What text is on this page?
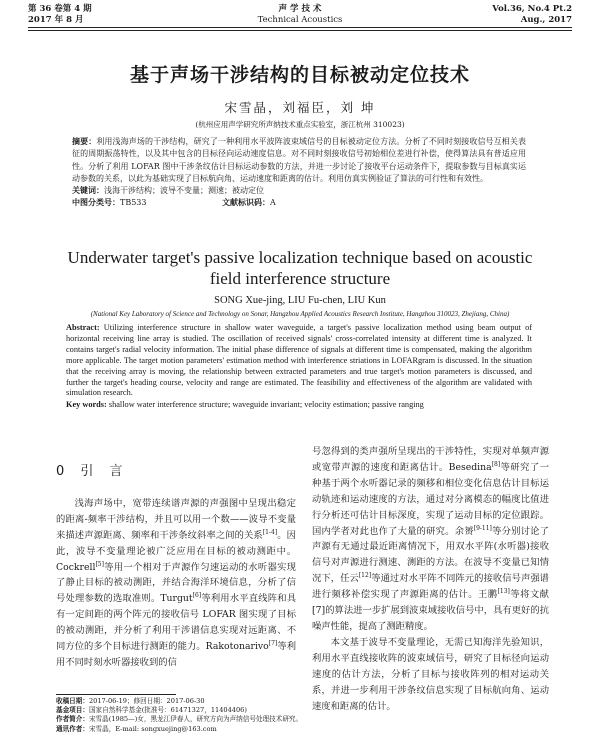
第 36 卷第 4 期	声 学 技 术	Vol.36, No.4 Pt.2
2017 年 8 月	Technical Acoustics	Aug., 2017
基于声场干涉结构的目标被动定位技术
宋雪晶，刘福臣，刘 坤
(杭州应用声学研究所声纳技术重点实验室，浙江杭州 310023)
摘要：利用浅海声场的干涉结构，研究了一种利用水平波阵波束域信号的目标被动定位方法。分析了不同时刻接收信号互相关表征的周期振荡特性，以及其中包含的目标径向运动速度信息。对不同时刻接收信号初始相位差进行补偿，使得算法具有普适应用性。分析了利用 LOFAR 图中干涉条纹估计目标运动参数的方法，并进一步讨论了接收平台运动条件下，提取参数与目标真实运动参数的关系，以此为基础实现了目标航向角、运动速度和距离的估计。利用仿真实例验证了算法的可行性和有效性。
关键词：浅海干涉结构；波导不变量；测速；被动定位
中图分类号：TB533	文献标识码：A
Underwater target's passive localization technique based on acoustic field interference structure
SONG Xue-jing, LIU Fu-chen, LIU Kun
(National Key Laboratory of Science and Technology on Sonar, Hangzhou Applied Acoustics Research Institute, Hangzhou 310023, Zhejiang, China)
Abstract: Utilizing interference structure in shallow water waveguide, a target's passive localization method using beam output of horizontal receiving line array is studied. The oscillation of received signals' cross-correlated intensity at different time is analyzed. It contains target's radial velocity information. The initial phase difference of signals at different time is compensated, making the algorithm more applicable. The target motion parameters' estimation method with interference striations in LOFARgram is discussed. In the situation that the receiving array is moving, the relationship between extracted parameters and true target's motion parameters is discussed, and further the target's heading course, velocity and range are estimated. The feasibility and effectiveness of the algorithm are validated with simulation research.
Key words: shallow water interference structure; waveguide invariant; velocity estimation; passive ranging
0 引 言

浅海声场中，宽带连续谱声源的声强图中呈现出稳定的距离-频率干涉结构，并且可以用一个数——波导不变量来描述声源距离、频率和干涉条纹斜率之间的关系[1-4]。因此，波导不变量理论被广泛应用在目标的被动测距中。Cockrell[5]等用一个相对于声源作匀速运动的水听器实现了静止目标的被动测距，并结合海洋环境信息，分析了信号处理参数的选取准则。Turgut[6]等利用水平直线阵和具有一定间距的两个阵元的接收信号 LOFAR 图实现了目标的被动测距，并分析了利用干涉谱信息实现对远距离、不同方位的多个目标进行测距的能力。Rakotonarivo[7]等利用不同时刻水听器接收到的信

号忽得到的类声强所呈现出的干涉特性，实现对单频声源或宽带声源的速度和距离估计。Besedina[8]等研究了一种基于两个水听器记录的频移和相位变化信息估计目标运动轨迹和运动速度的方法，通过对分离模态的幅度比值进行分析还可估计目标深度，实现了运动目标的定位跟踪。国内学者对此也作了大量的研究。余赟[9-11]等分别讨论了声源有无通过最近距离情况下，用双水平阵(水听器)接收信号对声源进行测速、测距的方法。在波导不变量已知情况下，任云[12]等通过对水平阵不同阵元的接收信号声强谱进行频移补偿实现了声源距离的估计。王鹏[13]等将文献[7]的算法进一步扩展到波束域接收信号中，具有更好的抗噪声性能，提高了测距精度。

本文基于波导不变量理论，无需已知海洋先验知识，利用水平直线接收阵的波束域信号，研究了目标径向运动速度的估计方法，分析了目标与接收阵列的相对运动关系，并进一步利用干涉条纹信息实现了目标航向角、运动速度和距离的估计。

收稿日期：2017-06-19；修回日期：2017-06-30
基金项目：国家自然科学基金(批准号：61471327，11404406)
作者简介：宋雪晶(1985—)女，黑龙江伊春人，研究方向为声纳信号处理技术研究。
通讯作者：宋雪晶，E-mail: songxuejing@163.com
